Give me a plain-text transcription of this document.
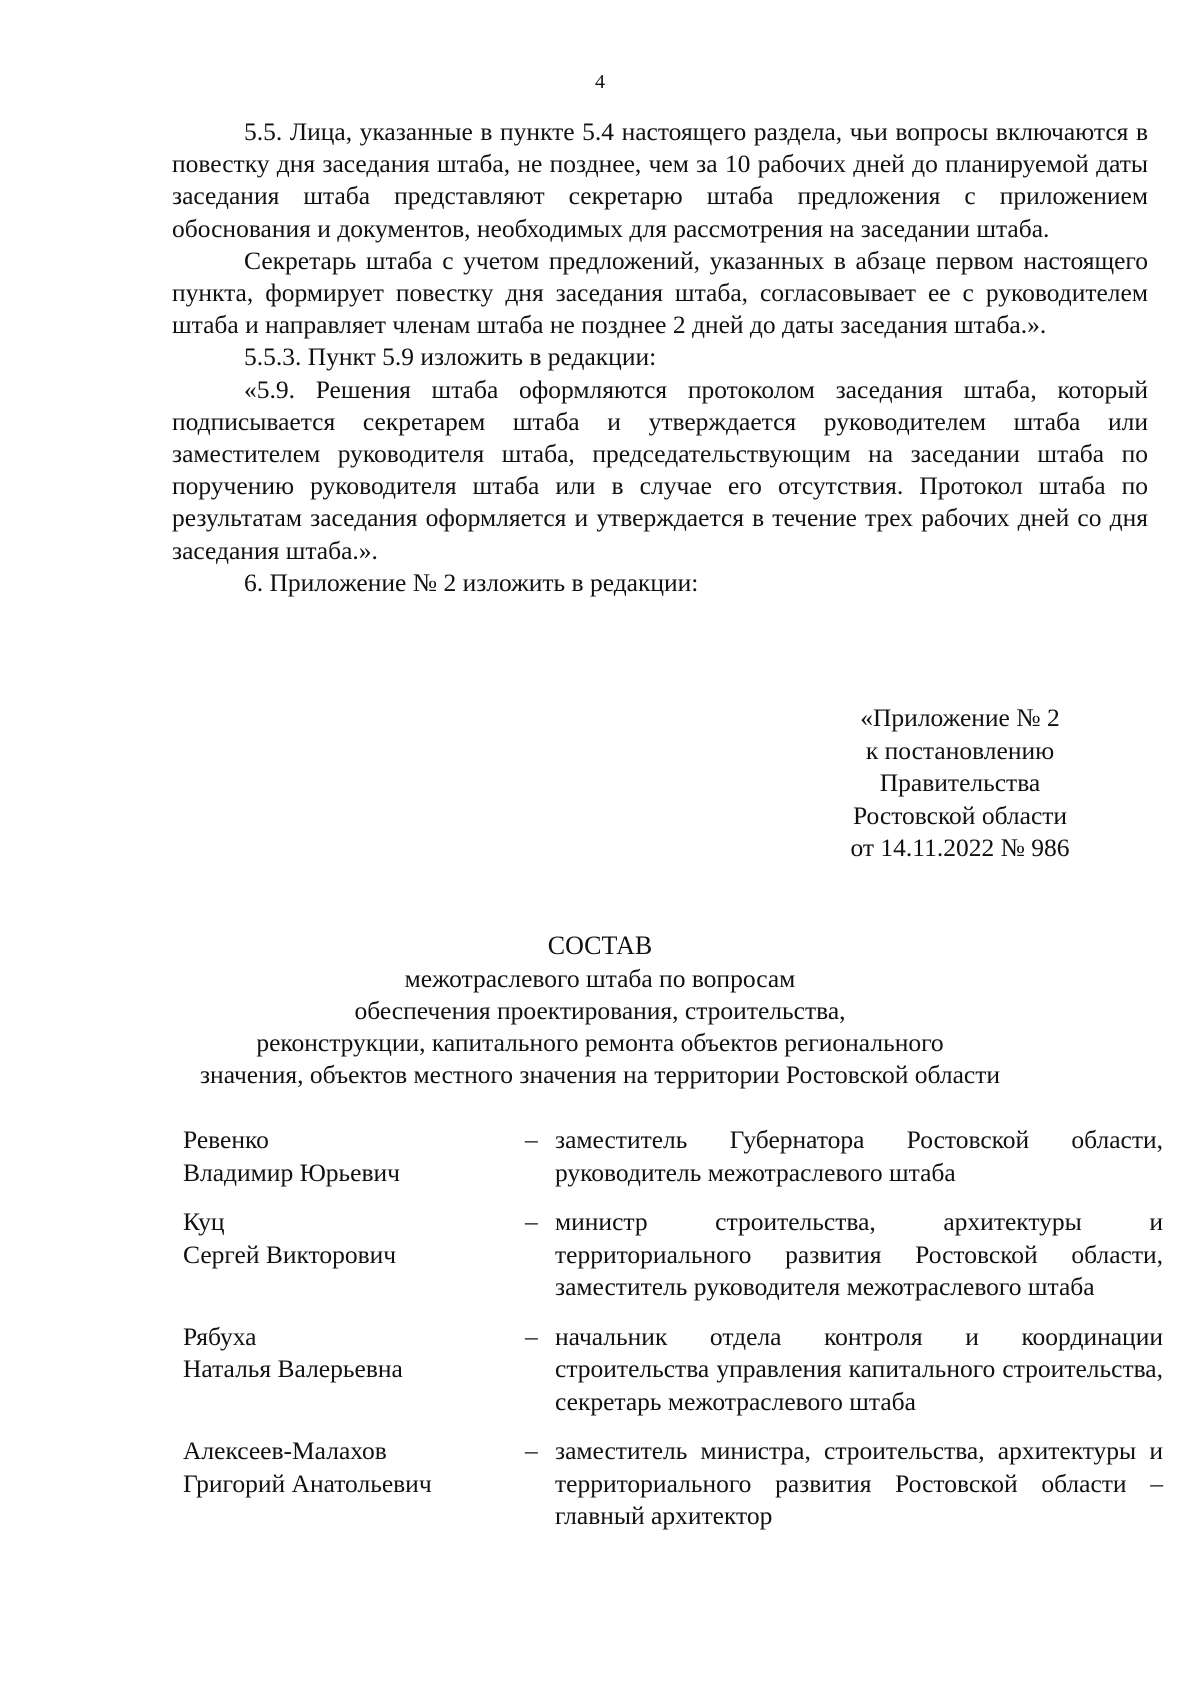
4

5.5. Лица, указанные в пункте 5.4 настоящего раздела, чьи вопросы включаются в повестку дня заседания штаба, не позднее, чем за 10 рабочих дней до планируемой даты заседания штаба представляют секретарю штаба предложения с приложением обоснования и документов, необходимых для рассмотрения на заседании штаба.

Секретарь штаба с учетом предложений, указанных в абзаце первом настоящего пункта, формирует повестку дня заседания штаба, согласовывает ее с руководителем штаба и направляет членам штаба не позднее 2 дней до даты заседания штаба.».

5.5.3. Пункт 5.9 изложить в редакции:

«5.9. Решения штаба оформляются протоколом заседания штаба, который подписывается секретарем штаба и утверждается руководителем штаба или заместителем руководителя штаба, председательствующим на заседании штаба по поручению руководителя штаба или в случае его отсутствия. Протокол штаба по результатам заседания оформляется и утверждается в течение трех рабочих дней со дня заседания штаба.».

6. Приложение № 2 изложить в редакции:

«Приложение № 2
к постановлению
Правительства
Ростовской области
от 14.11.2022 № 986
СОСТАВ
межотраслевого штаба по вопросам
обеспечения проектирования, строительства,
реконструкции, капитального ремонта объектов регионального
значения, объектов местного значения на территории Ростовской области
Ревенко
Владимир Юрьевич
– заместитель Губернатора Ростовской области, руководитель межотраслевого штаба
Куц
Сергей Викторович
– министр строительства, архитектуры и территориального развития Ростовской области, заместитель руководителя межотраслевого штаба
Рябуха
Наталья Валерьевна
– начальник отдела контроля и координации строительства управления капитального строительства, секретарь межотраслевого штаба
Алексеев-Малахов
Григорий Анатольевич
– заместитель министра, строительства, архитектуры и территориального развития Ростовской области – главный архитектор
